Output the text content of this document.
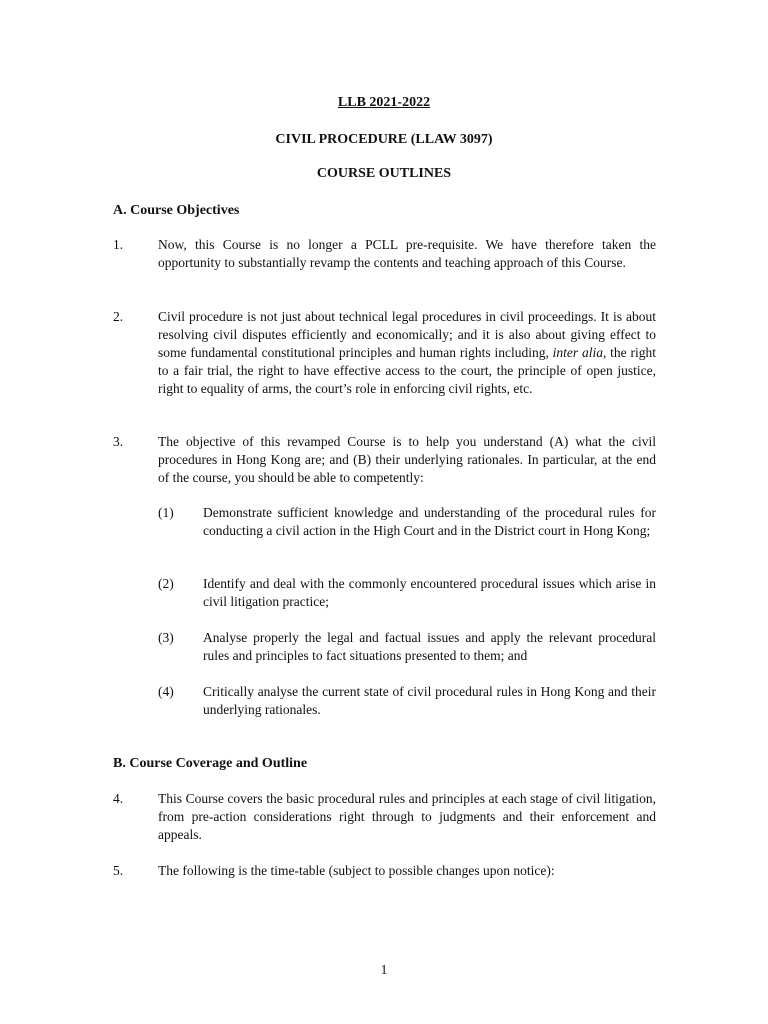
LLB 2021-2022
CIVIL PROCEDURE (LLAW 3097)
COURSE OUTLINES
A. Course Objectives
1.	Now, this Course is no longer a PCLL pre-requisite. We have therefore taken the opportunity to substantially revamp the contents and teaching approach of this Course.
2.	Civil procedure is not just about technical legal procedures in civil proceedings. It is about resolving civil disputes efficiently and economically; and it is also about giving effect to some fundamental constitutional principles and human rights including, inter alia, the right to a fair trial, the right to have effective access to the court, the principle of open justice, right to equality of arms, the court’s role in enforcing civil rights, etc.
3.	The objective of this revamped Course is to help you understand (A) what the civil procedures in Hong Kong are; and (B) their underlying rationales. In particular, at the end of the course, you should be able to competently:
(1) Demonstrate sufficient knowledge and understanding of the procedural rules for conducting a civil action in the High Court and in the District court in Hong Kong;
(2) Identify and deal with the commonly encountered procedural issues which arise in civil litigation practice;
(3) Analyse properly the legal and factual issues and apply the relevant procedural rules and principles to fact situations presented to them; and
(4) Critically analyse the current state of civil procedural rules in Hong Kong and their underlying rationales.
B. Course Coverage and Outline
4.	This Course covers the basic procedural rules and principles at each stage of civil litigation, from pre-action considerations right through to judgments and their enforcement and appeals.
5.	The following is the time-table (subject to possible changes upon notice):
1
